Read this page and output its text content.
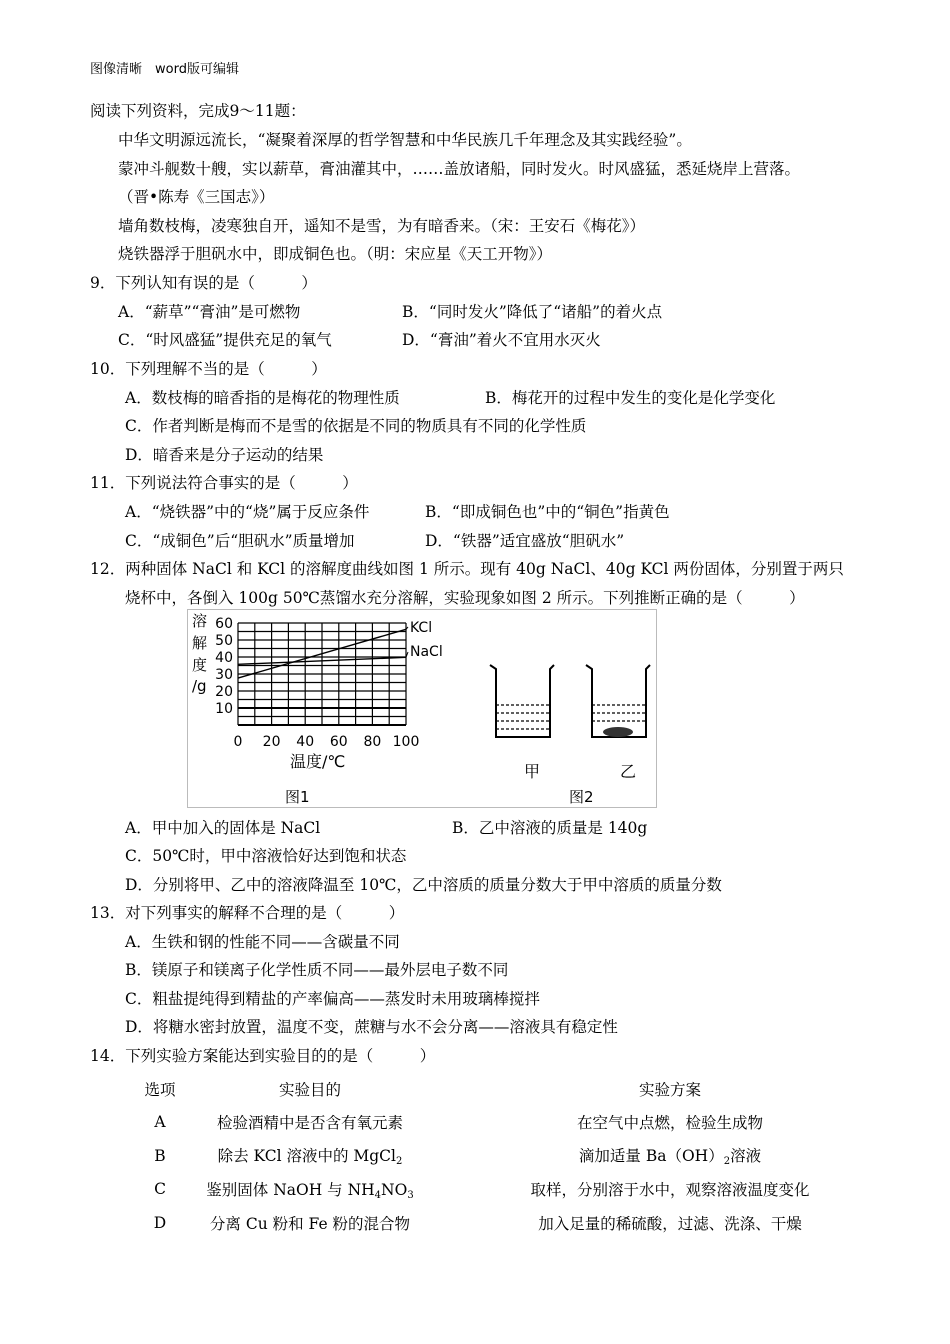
图像清晰　word版可编辑
阅读下列资料，完成9～11题：
中华文明源远流长，“凝聚着深厚的哲学智慧和中华民族几千年理念及其实践经验”。
蒙冲斗舰数十艘，实以薪草，膏油灌其中，……盖放诸船，同时发火。时风盛猛，悉延烧岸上营落。
（晋•陈寿《三国志》）
墙角数枝梅，凌寒独自开，遥知不是雪，为有暗香来。（宋：王安石《梅花》）
烧铁器浮于胆矾水中，即成铜色也。（明：宋应星《天工开物》）
9．下列认知有误的是（　　　）
A．“薪草”“膏油”是可燃物	B．“同时发火”降低了“诸船”的着火点
C．“时风盛猛”提供充足的氧气	D．“膏油”着火不宜用水灭火
10．下列理解不当的是（　　　）
A．数枝梅的暗香指的是梅花的物理性质	B．梅花开的过程中发生的变化是化学变化
C．作者判断是梅而不是雪的依据是不同的物质具有不同的化学性质
D．暗香来是分子运动的结果
11．下列说法符合事实的是（　　　）
A．“烧铁器”中的“烧”属于反应条件	B．“即成铜色也”中的“铜色”指黄色
C．“成铜色”后“胆矾水”质量增加	D．“铁器”适宜盛放“胆矾水”
12．两种固体 NaCl 和 KCl 的溶解度曲线如图 1 所示。现有 40g NaCl、40g KCl 两份固体，分别置于两只
烧杯中，各倒入 100g 50℃蒸馏水充分溶解，实验现象如图 2 所示。下列推断正确的是（　　　）
溶
解
度
/g
10
20
30
40
50
60
0 20 40 60 80 100
KCl
NaCl
温度/℃
甲	乙
图1	图2
A．甲中加入的固体是 NaCl	B．乙中溶液的质量是 140g
C．50℃时，甲中溶液恰好达到饱和状态
D．分别将甲、乙中的溶液降温至 10℃，乙中溶质的质量分数大于甲中溶质的质量分数
13．对下列事实的解释不合理的是（　　　）
A．生铁和钢的性能不同——含碳量不同
B．镁原子和镁离子化学性质不同——最外层电子数不同
C．粗盐提纯得到精盐的产率偏高——蒸发时未用玻璃棒搅拌
D．将糖水密封放置，温度不变，蔗糖与水不会分离——溶液具有稳定性
14．下列实验方案能达到实验目的的是（　　　）
选项	实验目的	实验方案
A	检验酒精中是否含有氧元素	在空气中点燃，检验生成物
B	除去 KCl 溶液中的 MgCl$_2$	滴加适量 $Ba(OH)_2$溶液
C	鉴别固体 NaOH 与 $NH_4NO_3$	取样，分别溶于水中，观察溶液温度变化
D	分离 Cu 粉和 Fe 粉的混合物	加入足量的稀硫酸，过滤、洗涤、干燥
